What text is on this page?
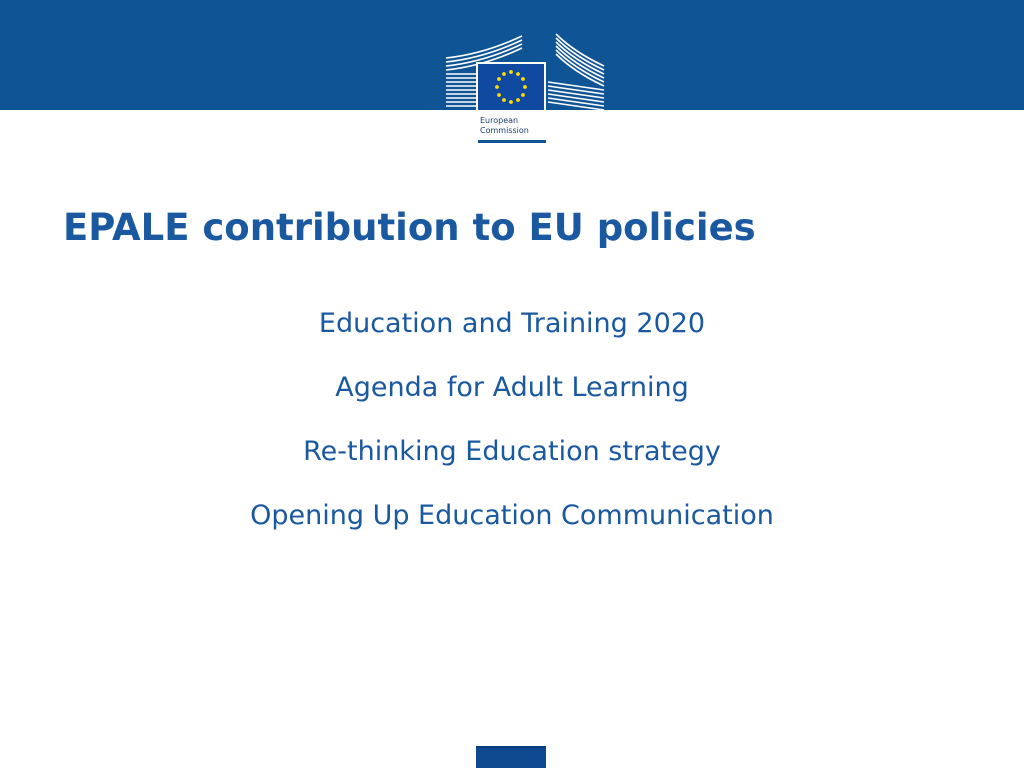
European
Commission
EPALE contribution to EU policies
Education and Training 2020
Agenda for Adult Learning
Re-thinking Education strategy
Opening Up Education Communication
